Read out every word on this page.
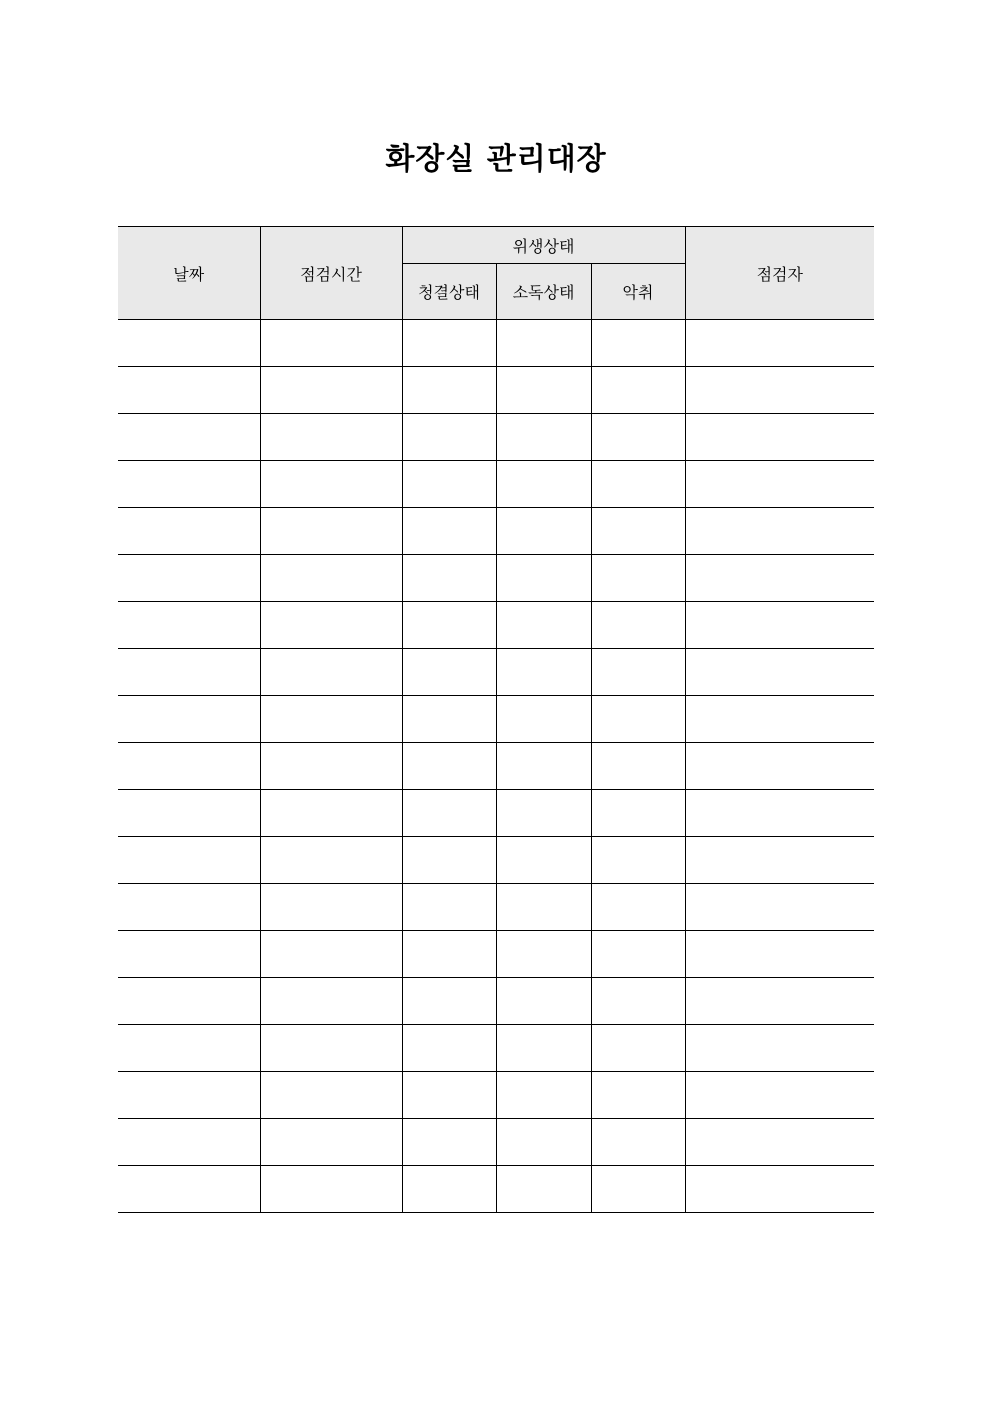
화장실 관리대장
날짜	점검시간	위생상태			점검자
		청결상태	소독상태	악취	
